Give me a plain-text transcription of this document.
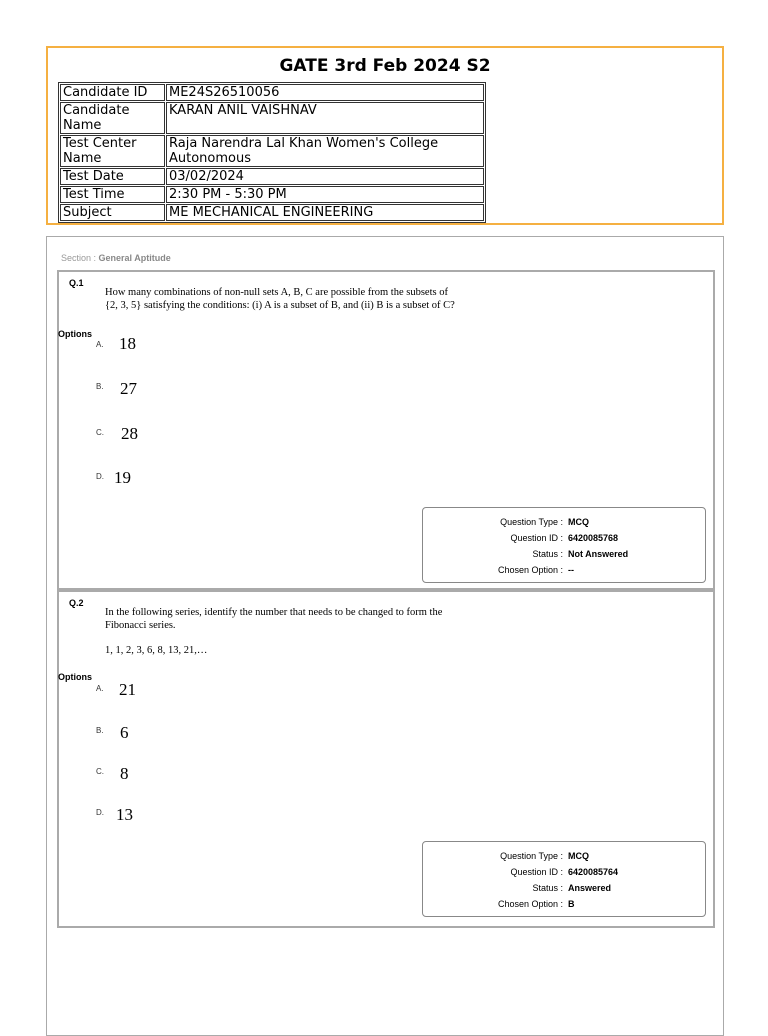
GATE 3rd Feb 2024 S2
Candidate ID	ME24S26510056
Candidate Name	KARAN ANIL VAISHNAV
Test Center Name	Raja Narendra Lal Khan Women's College Autonomous
Test Date	03/02/2024
Test Time	2:30 PM - 5:30 PM
Subject	ME MECHANICAL ENGINEERING
Section : General Aptitude
Q.1
How many combinations of non-null sets A, B, C are possible from the subsets of
{2, 3, 5} satisfying the conditions: (i) A is a subset of B, and (ii) B is a subset of C?
Options
A. 18
B. 27
C. 28
D. 19
Question Type : MCQ
Question ID : 6420085768
Status : Not Answered
Chosen Option : --
Q.2
In the following series, identify the number that needs to be changed to form the
Fibonacci series.
1, 1, 2, 3, 6, 8, 13, 21,…
Options
A. 21
B. 6
C. 8
D. 13
Question Type : MCQ
Question ID : 6420085764
Status : Answered
Chosen Option : B
